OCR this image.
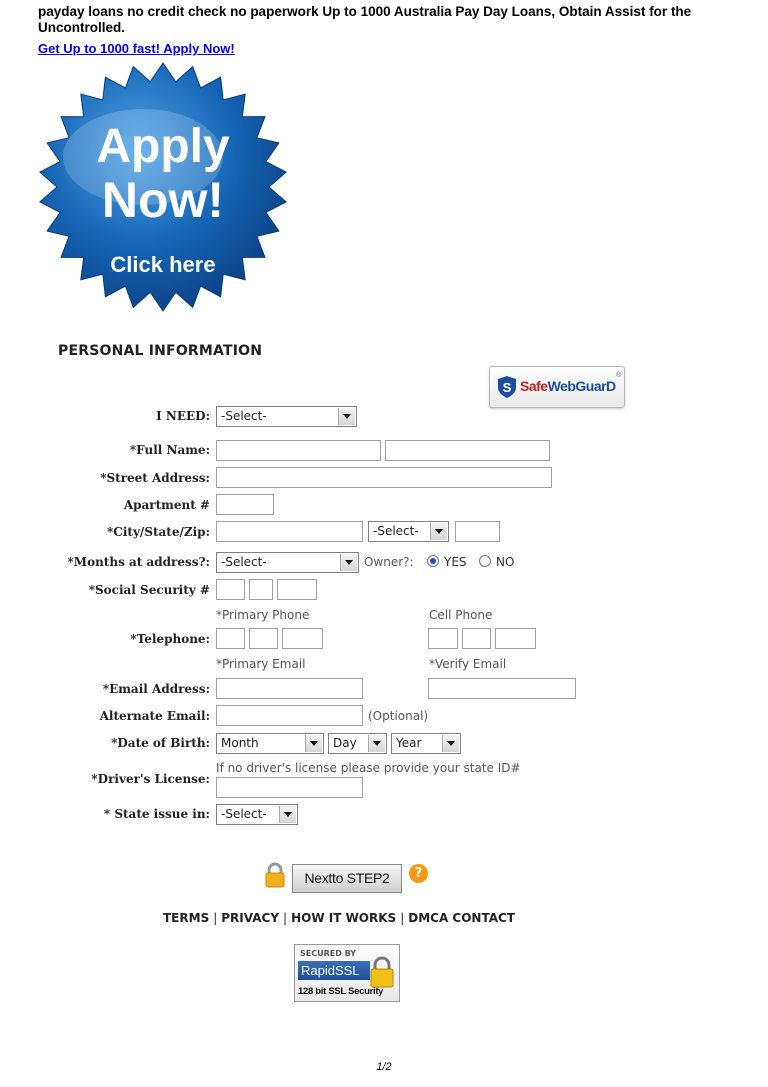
payday loans no credit check no paperwork Up to 1000 Australia Pay Day Loans, Obtain Assist for the Uncontrolled.
Get Up to 1000 fast! Apply Now!
Apply
Now!
Click here
PERSONAL INFORMATION
S SafeWebGuarD
®
I NEED: -Select-
*Full Name:
*Street Address:
Apartment #
*City/State/Zip:	-Select-
*Months at address?: -Select-	Owner?:	YES NO
*Social Security #
*Primary Phone	Cell Phone
*Telephone:
*Primary Email	*Verify Email
*Email Address:
Alternate Email:	(Optional)
*Date of Birth: Month	Day	Year
If no driver's license please provide your state ID#
*Driver's License:
* State issue in: -Select-
Nextto STEP2	?
TERMS | PRIVACY | HOW IT WORKS | DMCA CONTACT
SECURED BY
RapidSSL
128 bit SSL Security
1/2
